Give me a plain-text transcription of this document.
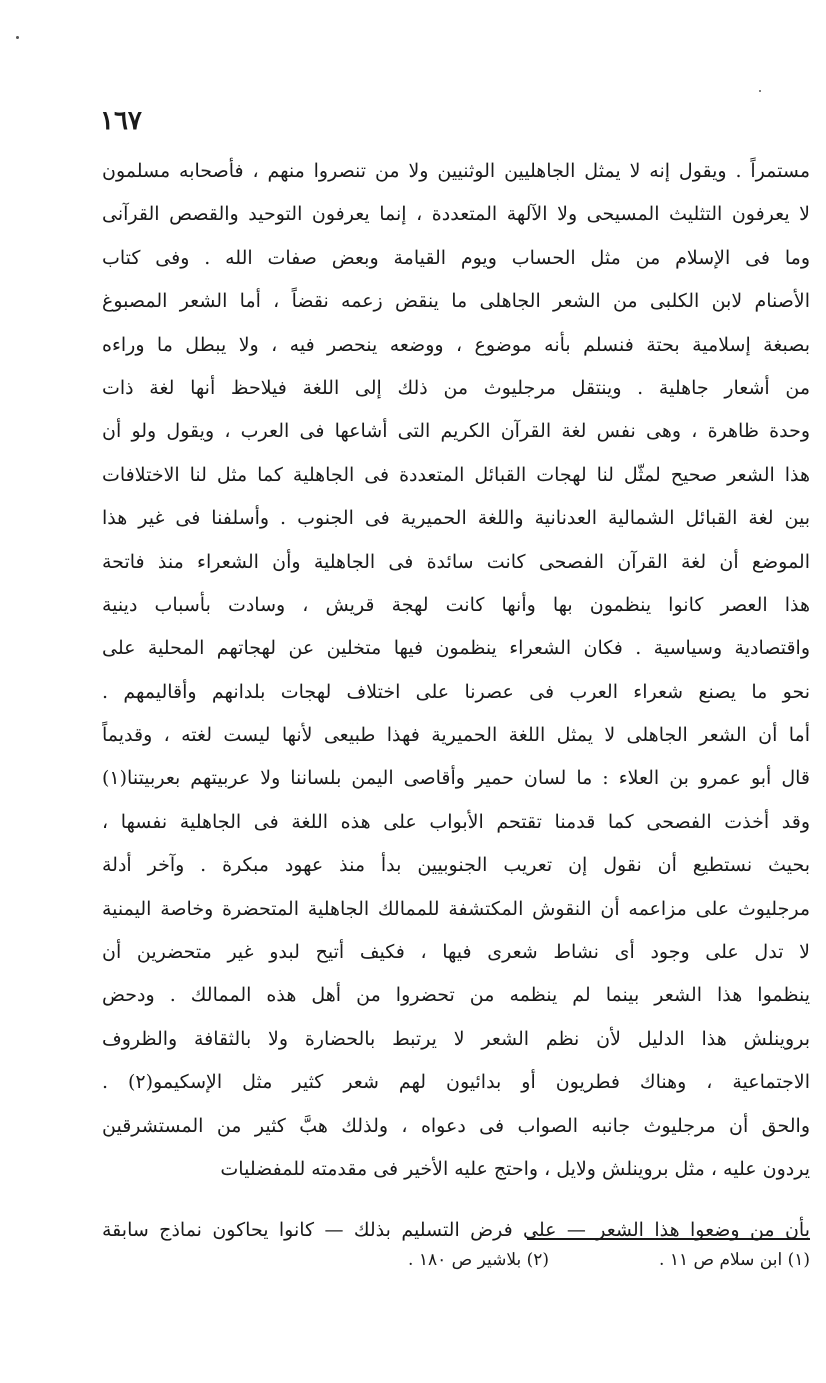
١٦٧
مستمراً . ويقول إنه لا يمثل الجاهليين الوثنيين ولا من تنصروا منهم ، فأصحابه مسلمون
لا يعرفون التثليث المسيحى ولا الآلهة المتعددة ، إنما يعرفون التوحيد والقصص القرآنى
وما فى الإسلام من مثل الحساب ويوم القيامة وبعض صفات الله . وفى كتاب
الأصنام لابن الكلبى من الشعر الجاهلى ما ينقض زعمه نقضاً ، أما الشعر المصبوغ
بصبغة إسلامية بحتة فنسلم بأنه موضوع ، ووضعه ينحصر فيه ، ولا يبطل ما وراءه
من أشعار جاهلية . وينتقل مرجليوث من ذلك إلى اللغة فيلاحظ أنها لغة ذات
وحدة ظاهرة ، وهى نفس لغة القرآن الكريم التى أشاعها فى العرب ، ويقول ولو أن
هذا الشعر صحيح لمثّل لنا لهجات القبائل المتعددة فى الجاهلية كما مثل لنا الاختلافات
بين لغة القبائل الشمالية العدنانية واللغة الحميرية فى الجنوب . وأسلفنا فى غير هذا
الموضع أن لغة القرآن الفصحى كانت سائدة فى الجاهلية وأن الشعراء منذ فاتحة
هذا العصر كانوا ينظمون بها وأنها كانت لهجة قريش ، وسادت بأسباب دينية
واقتصادية وسياسية . فكان الشعراء ينظمون فيها متخلين عن لهجاتهم المحلية على
نحو ما يصنع شعراء العرب فى عصرنا على اختلاف لهجات بلدانهم وأقاليمهم .
أما أن الشعر الجاهلى لا يمثل اللغة الحميرية فهذا طبيعى لأنها ليست لغته ، وقديماً
قال أبو عمرو بن العلاء : ما لسان حمير وأقاصى اليمن بلساننا ولا عربيتهم بعربيتنا(١)
وقد أخذت الفصحى كما قدمنا تقتحم الأبواب على هذه اللغة فى الجاهلية نفسها ،
بحيث نستطيع أن نقول إن تعريب الجنوبيين بدأ منذ عهود مبكرة . وآخر أدلة
مرجليوث على مزاعمه أن النقوش المكتشفة للممالك الجاهلية المتحضرة وخاصة اليمنية
لا تدل على وجود أى نشاط شعرى فيها ، فكيف أتيح لبدو غير متحضرين أن
ينظموا هذا الشعر بينما لم ينظمه من تحضروا من أهل هذه الممالك . ودحض
بروينلش هذا الدليل لأن نظم الشعر لا يرتبط بالحضارة ولا بالثقافة والظروف
الاجتماعية ، وهناك فطريون أو بدائيون لهم شعر كثير مثل الإسكيمو(٢) .
والحق أن مرجليوث جانبه الصواب فى دعواه ، ولذلك هبَّ كثير من المستشرقين
يردون عليه ، مثل بروينلش ولايل ، واحتج عليه الأخير فى مقدمته للمفضليات
بأن من وضعوا هذا الشعر — على فرض التسليم بذلك — كانوا يحاكون نماذج سابقة
(١) ابن سلام ص ١١ .
(٢) بلاشير ص ١٨٠ .
